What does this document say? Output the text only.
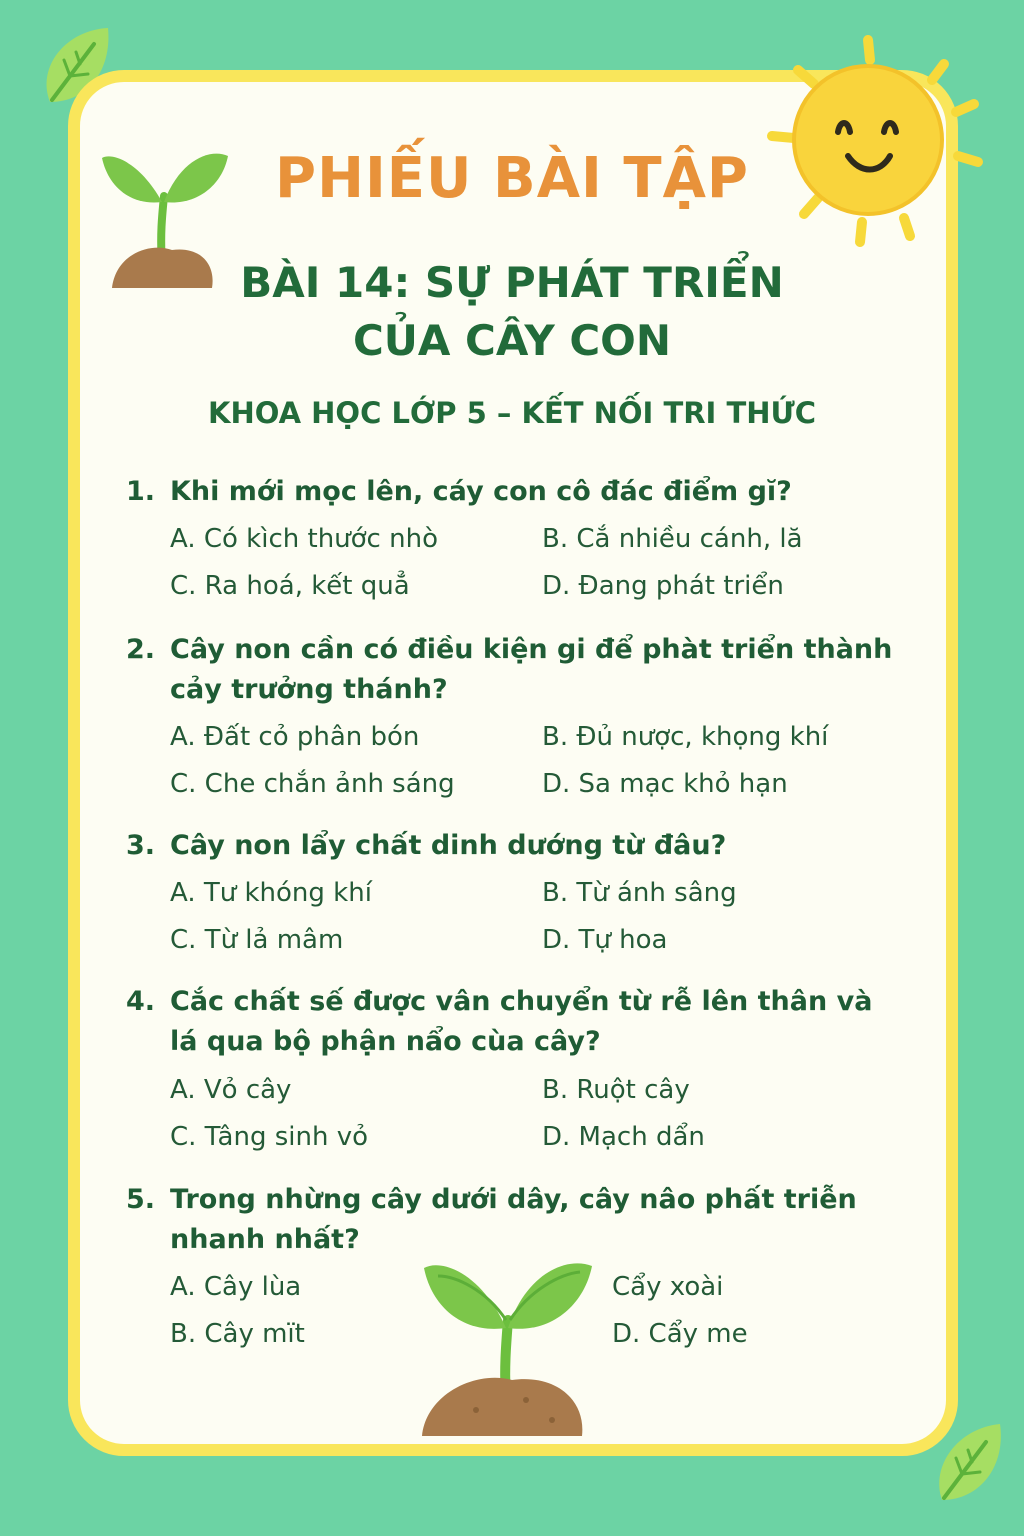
PHIẾU BÀI TẬP
BÀI 14: SỰ PHÁT TRIỂN
CỦA CÂY CON
KHOA HỌC LỚP 5 – KẾT NỐI TRI THỨC

1. Khi mới mọc lên, cáy con cô đác điểm gĭ?

A. Có kìch thước nhò	B. Cắ nhiều cánh, lă
C. Ra hoá, kết quẳ	D. Đang phát triển

2. Cây non cần có điều kiện gi để phàt triển thành cảy trưởng thánh?

A. Đất cỏ phân bón	B. Đủ nược, khọng khí
C. Che chắn ảnh sáng	D. Sa mạc khỏ hạn

3. Cây non lẩy chất dinh dướng từ đâu?

A. Tư khóng khí	B. Từ ánh sâng
C. Từ lả mâm	D. Tự hoa

4. Cắc chất sế được vân chuyển từ rễ lên thân và lá qua bộ phận nẩo cùa cây?

A. Vỏ cây	B. Ruột cây
C. Tâng sinh vỏ	D. Mạch dẩn

5. Trong nhừng cây dưới dây, cây nâo phất triễn nhanh nhất?

A. Cây lùa	Cẩy xoài
B. Cây mït	D. Cẩy me
